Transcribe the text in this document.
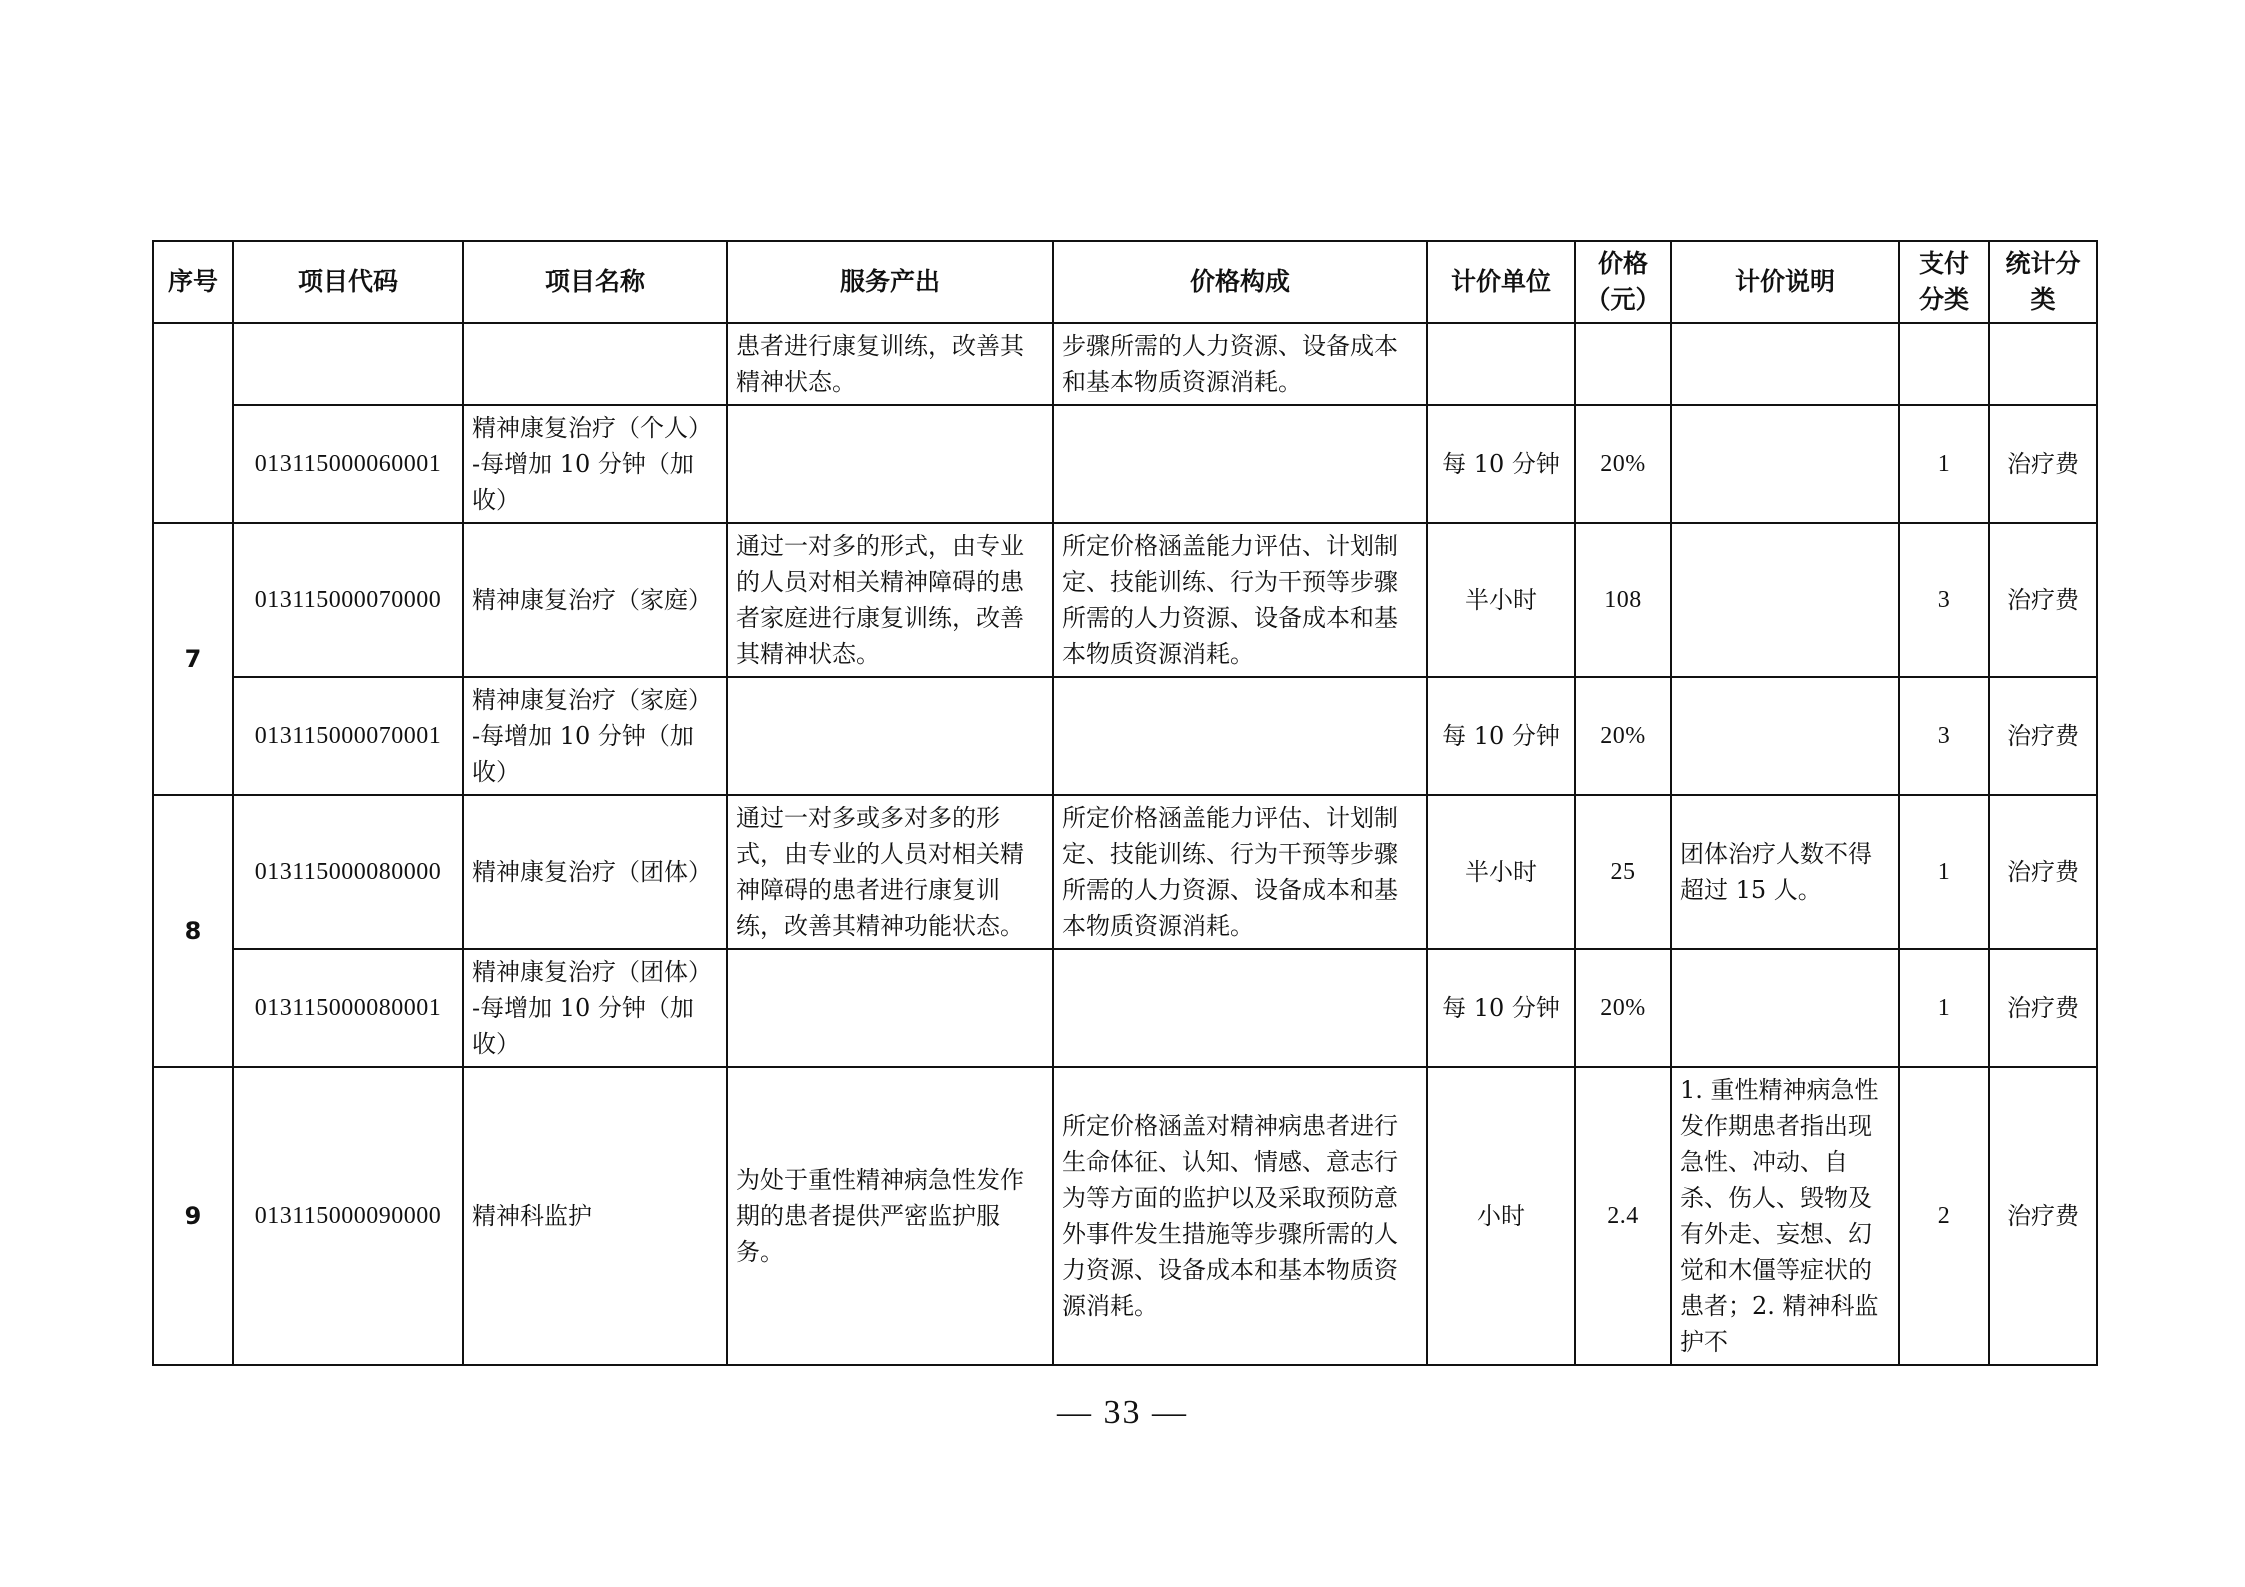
序号	项目代码	项目名称	服务产出	价格构成	计价单位	价格（元）	计价说明	支付分类	统计分类
			患者进行康复训练，改善其精神状态。	步骤所需的人力资源、设备成本和基本物质资源消耗。					
	013115000060001	精神康复治疗（个人）-每增加 10 分钟（加收）			每 10 分钟	20%		1	治疗费
7	013115000070000	精神康复治疗（家庭）	通过一对多的形式，由专业的人员对相关精神障碍的患者家庭进行康复训练，改善其精神状态。	所定价格涵盖能力评估、计划制定、技能训练、行为干预等步骤所需的人力资源、设备成本和基本物质资源消耗。	半小时	108		3	治疗费
	013115000070001	精神康复治疗（家庭）-每增加 10 分钟（加收）			每 10 分钟	20%		3	治疗费
8	013115000080000	精神康复治疗（团体）	通过一对多或多对多的形式，由专业的人员对相关精神障碍的患者进行康复训练，改善其精神功能状态。	所定价格涵盖能力评估、计划制定、技能训练、行为干预等步骤所需的人力资源、设备成本和基本物质资源消耗。	半小时	25	团体治疗人数不得超过 15 人。	1	治疗费
	013115000080001	精神康复治疗（团体）-每增加 10 分钟（加收）			每 10 分钟	20%		1	治疗费
9	013115000090000	精神科监护	为处于重性精神病急性发作期的患者提供严密监护服务。	所定价格涵盖对精神病患者进行生命体征、认知、情感、意志行为等方面的监护以及采取预防意外事件发生措施等步骤所需的人力资源、设备成本和基本物质资源消耗。	小时	2.4	1. 重性精神病急性发作期患者指出现急性、冲动、自杀、伤人、毁物及有外走、妄想、幻觉和木僵等症状的患者；2. 精神科监护不	2	治疗费
— 33 —
